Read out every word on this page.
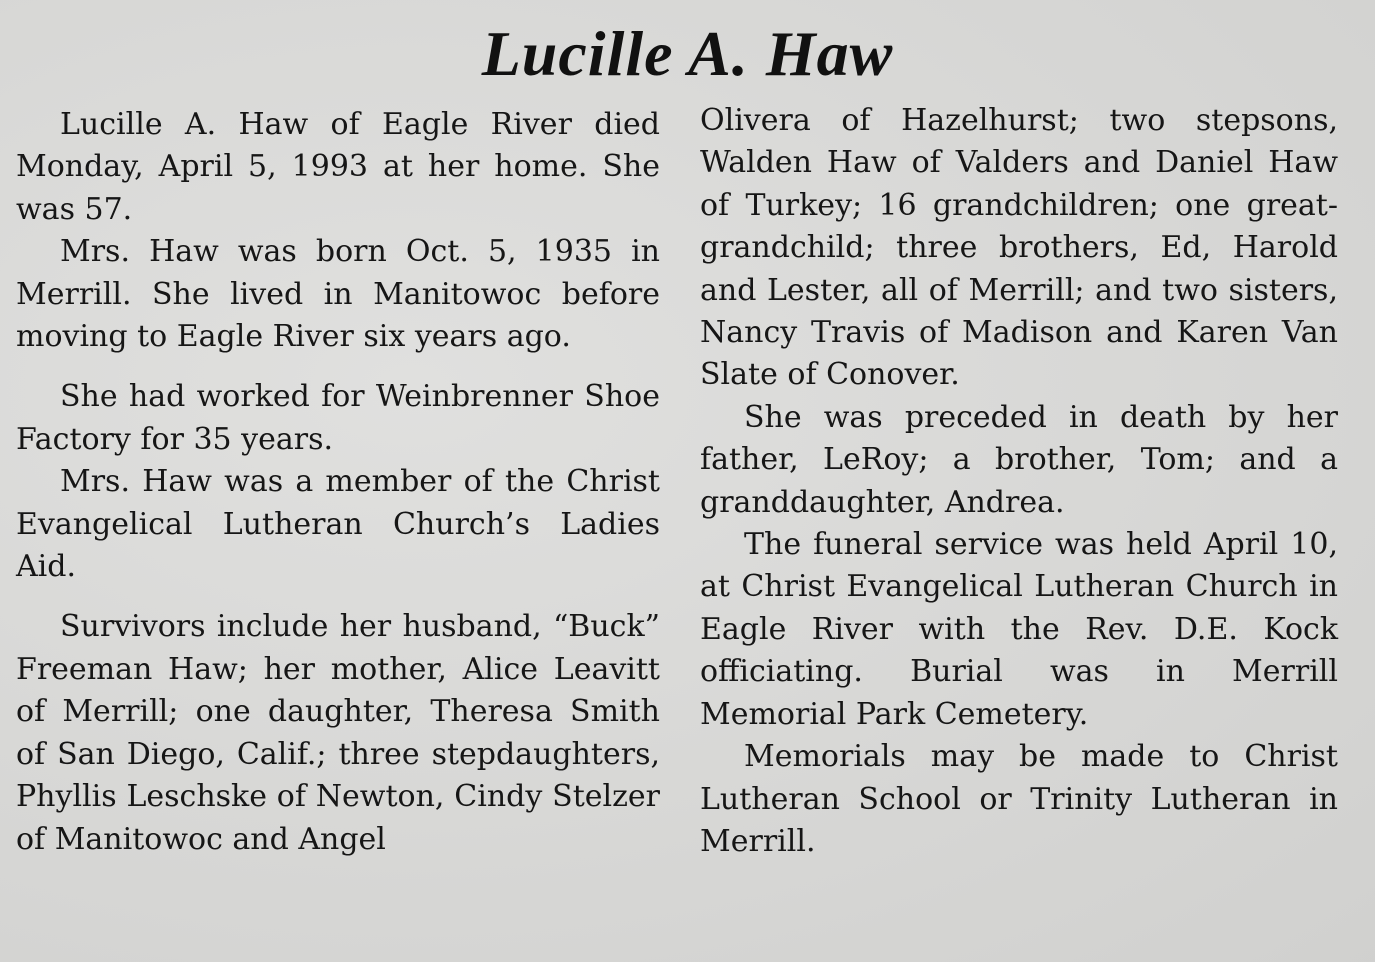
Lucille A. Haw

Lucille A. Haw of Eagle River died Monday, April 5, 1993 at her home. She was 57.

Mrs. Haw was born Oct. 5, 1935 in Merrill. She lived in Manitowoc before moving to Eagle River six years ago.

She had worked for Weinbrenner Shoe Factory for 35 years.

Mrs. Haw was a member of the Christ Evangelical Lutheran Church’s Ladies Aid.

Survivors include her husband, “Buck” Freeman Haw; her mother, Alice Leavitt of Merrill; one daughter, Theresa Smith of San Diego, Calif.; three stepdaughters, Phyllis Leschske of Newton, Cindy Stelzer of Manitowoc and Angel

Olivera of Hazelhurst; two stepsons, Walden Haw of Valders and Daniel Haw of Turkey; 16 grandchildren; one great-grandchild; three brothers, Ed, Harold and Lester, all of Merrill; and two sisters, Nancy Travis of Madison and Karen Van Slate of Conover.

She was preceded in death by her father, LeRoy; a brother, Tom; and a granddaughter, Andrea.

The funeral service was held April 10, at Christ Evangelical Lutheran Church in Eagle River with the Rev. D.E. Kock officiating. Burial was in Merrill Memorial Park Cemetery.

Memorials may be made to Christ Lutheran School or Trinity Lutheran in Merrill.
